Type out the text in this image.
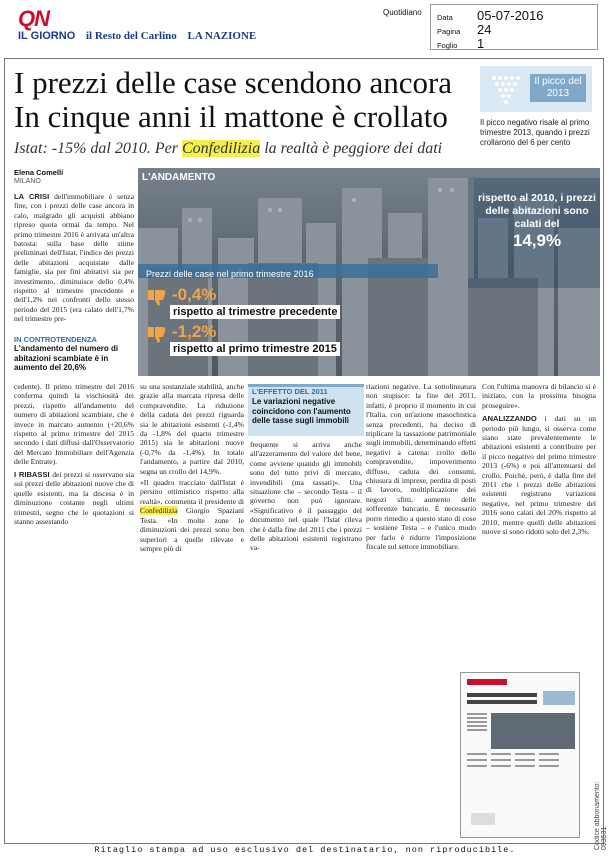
QN
IL GIORNO il Resto del Carlino LA NAZIONE
Quotidiano
Data 05-07-2016
Pagina 24
Foglio 1
I prezzi delle case scendono ancora
In cinque anni il mattone è crollato
Istat: -15% dal 2010. Per Confedilizia la realtà è peggiore dei dati
Il picco del 2013
Il picco negativo risale al primo trimestre 2013, quando i prezzi crollarono del 6 per cento
Elena Comelli
MILANO
LA CRISI dell'immobiliare è senza fine, con i prezzi delle case ancora in calo, malgrado gli acquisti abbiano ripreso quota ormai da tempo. Nel primo trimestre 2016 è arrivata un'altra batosta: sulla base delle stime preliminari dell'Istat, l'indice dei prezzi delle abitazioni acquistate dalle famiglie, sia per fini abitativi sia per investimento, diminuisce dello 0,4% rispetto al trimestre precedente e dell'1,2% nei confronti dello stesso periodo del 2015 (era calato dell'1,7% nel trimestre pre-
IN CONTROTENDENZA
L'andamento del numero di abitazioni scambiate è in aumento del 20,6%
L'ANDAMENTO
Prezzi delle case nel primo trimestre 2016
-0,4%
rispetto al trimestre precedente
-1,2%
rispetto al primo trimestre 2015
rispetto al 2010, i prezzi delle abitazioni sono calati del
14,9%
cedente). Il primo trimestre del 2016 conferma quindi la vischiosità dei prezzi, rispetto all'andamento del numero di abitazioni scambiate, che è invece in marcato aumento (+20,6% rispetto al primo trimestre del 2015 secondo i dati diffusi dall'Osservatorio del Mercato Immobiliare dell'Agenzia delle Entrate).
I RIBASSI dei prezzi si osservano sia sui prezzi delle abitazioni nuove che di quelle esistenti, ma la discesa è in diminuzione costante negli ultimi trimestri, segno che le quotazioni si stanno assestando
su una sostanziale stabilità, anche grazie alla marcata ripresa delle compravendite. La riduzione della caduta dei prezzi riguarda sia le abitazioni esistenti (-1,4% da -1,8% del quarto trimestre 2015) sia le abitazioni nuove (-0,7% da -1,4%). In totale l'andamento, a partire dal 2010, segna un crollo del 14,9%.
«Il quadro tracciato dall'Istat è persino ottimistico rispetto alla realtà», commenta il presidente di Confedilizia Giorgio Spaziani Testa. «In molte zone le diminuzioni dei prezzi sono ben superiori a quelle rilevate e sempre più di
L'EFFETTO DEL 2011
Le variazioni negative coincidono con l'aumento delle tasse sugli immobili
frequente si arriva anche all'azzeramento del valore del bene, come avviene quando gli immobili sono del tutto privi di mercato, invendibili (ma tassati)». Una situazione che – secondo Testa – il governo non può ignorare. «Significativo è il passaggio del documento nel quale l'Istat rileva che è dalla fine del 2011 che i prezzi delle abitazioni esistenti registrano va-
riazioni negative. La sottolineatura non stupisce: la fine del 2011, infatti, è proprio il momento in cui l'Italia, con un'azione masochistica senza precedenti, ha deciso di triplicare la tassazione patrimoniale sugli immobili, determinando effetti negativi a catena: crollo delle compravendite, impoverimento diffuso, caduta dei consumi, chiusura di imprese, perdita di posti di lavoro, moltiplicazione dei negozi sfitti, aumento delle sofferenze bancarie. È necessario porre rimedio a questo stato di cose – sostiene Testa – e l'unico modo per farlo è ridurre l'imposizione fiscale sul settore immobiliare.
Con l'ultima manovra di bilancio si è iniziato, con la prossima bisogna proseguire».
ANALIZZANDO i dati su un periodo più lungo, si osserva come siano state prevalentemente le abitazioni esistenti a contribuire per il picco negativo del primo trimestre 2013 (-6%) e poi all'attenuarsi del crollo. Poiché, però, è dalla fine del 2011 che i prezzi delle abitazioni esistenti registrano variazioni negative, nel primo trimestre del 2016 sono calati del 20% rispetto al 2010, mentre quelli delle abitazioni nuove si sono ridotti solo del 2,3%.
Codice abbonamento: 093531
Ritaglio stampa ad uso esclusivo del destinatario, non riproducibile.
